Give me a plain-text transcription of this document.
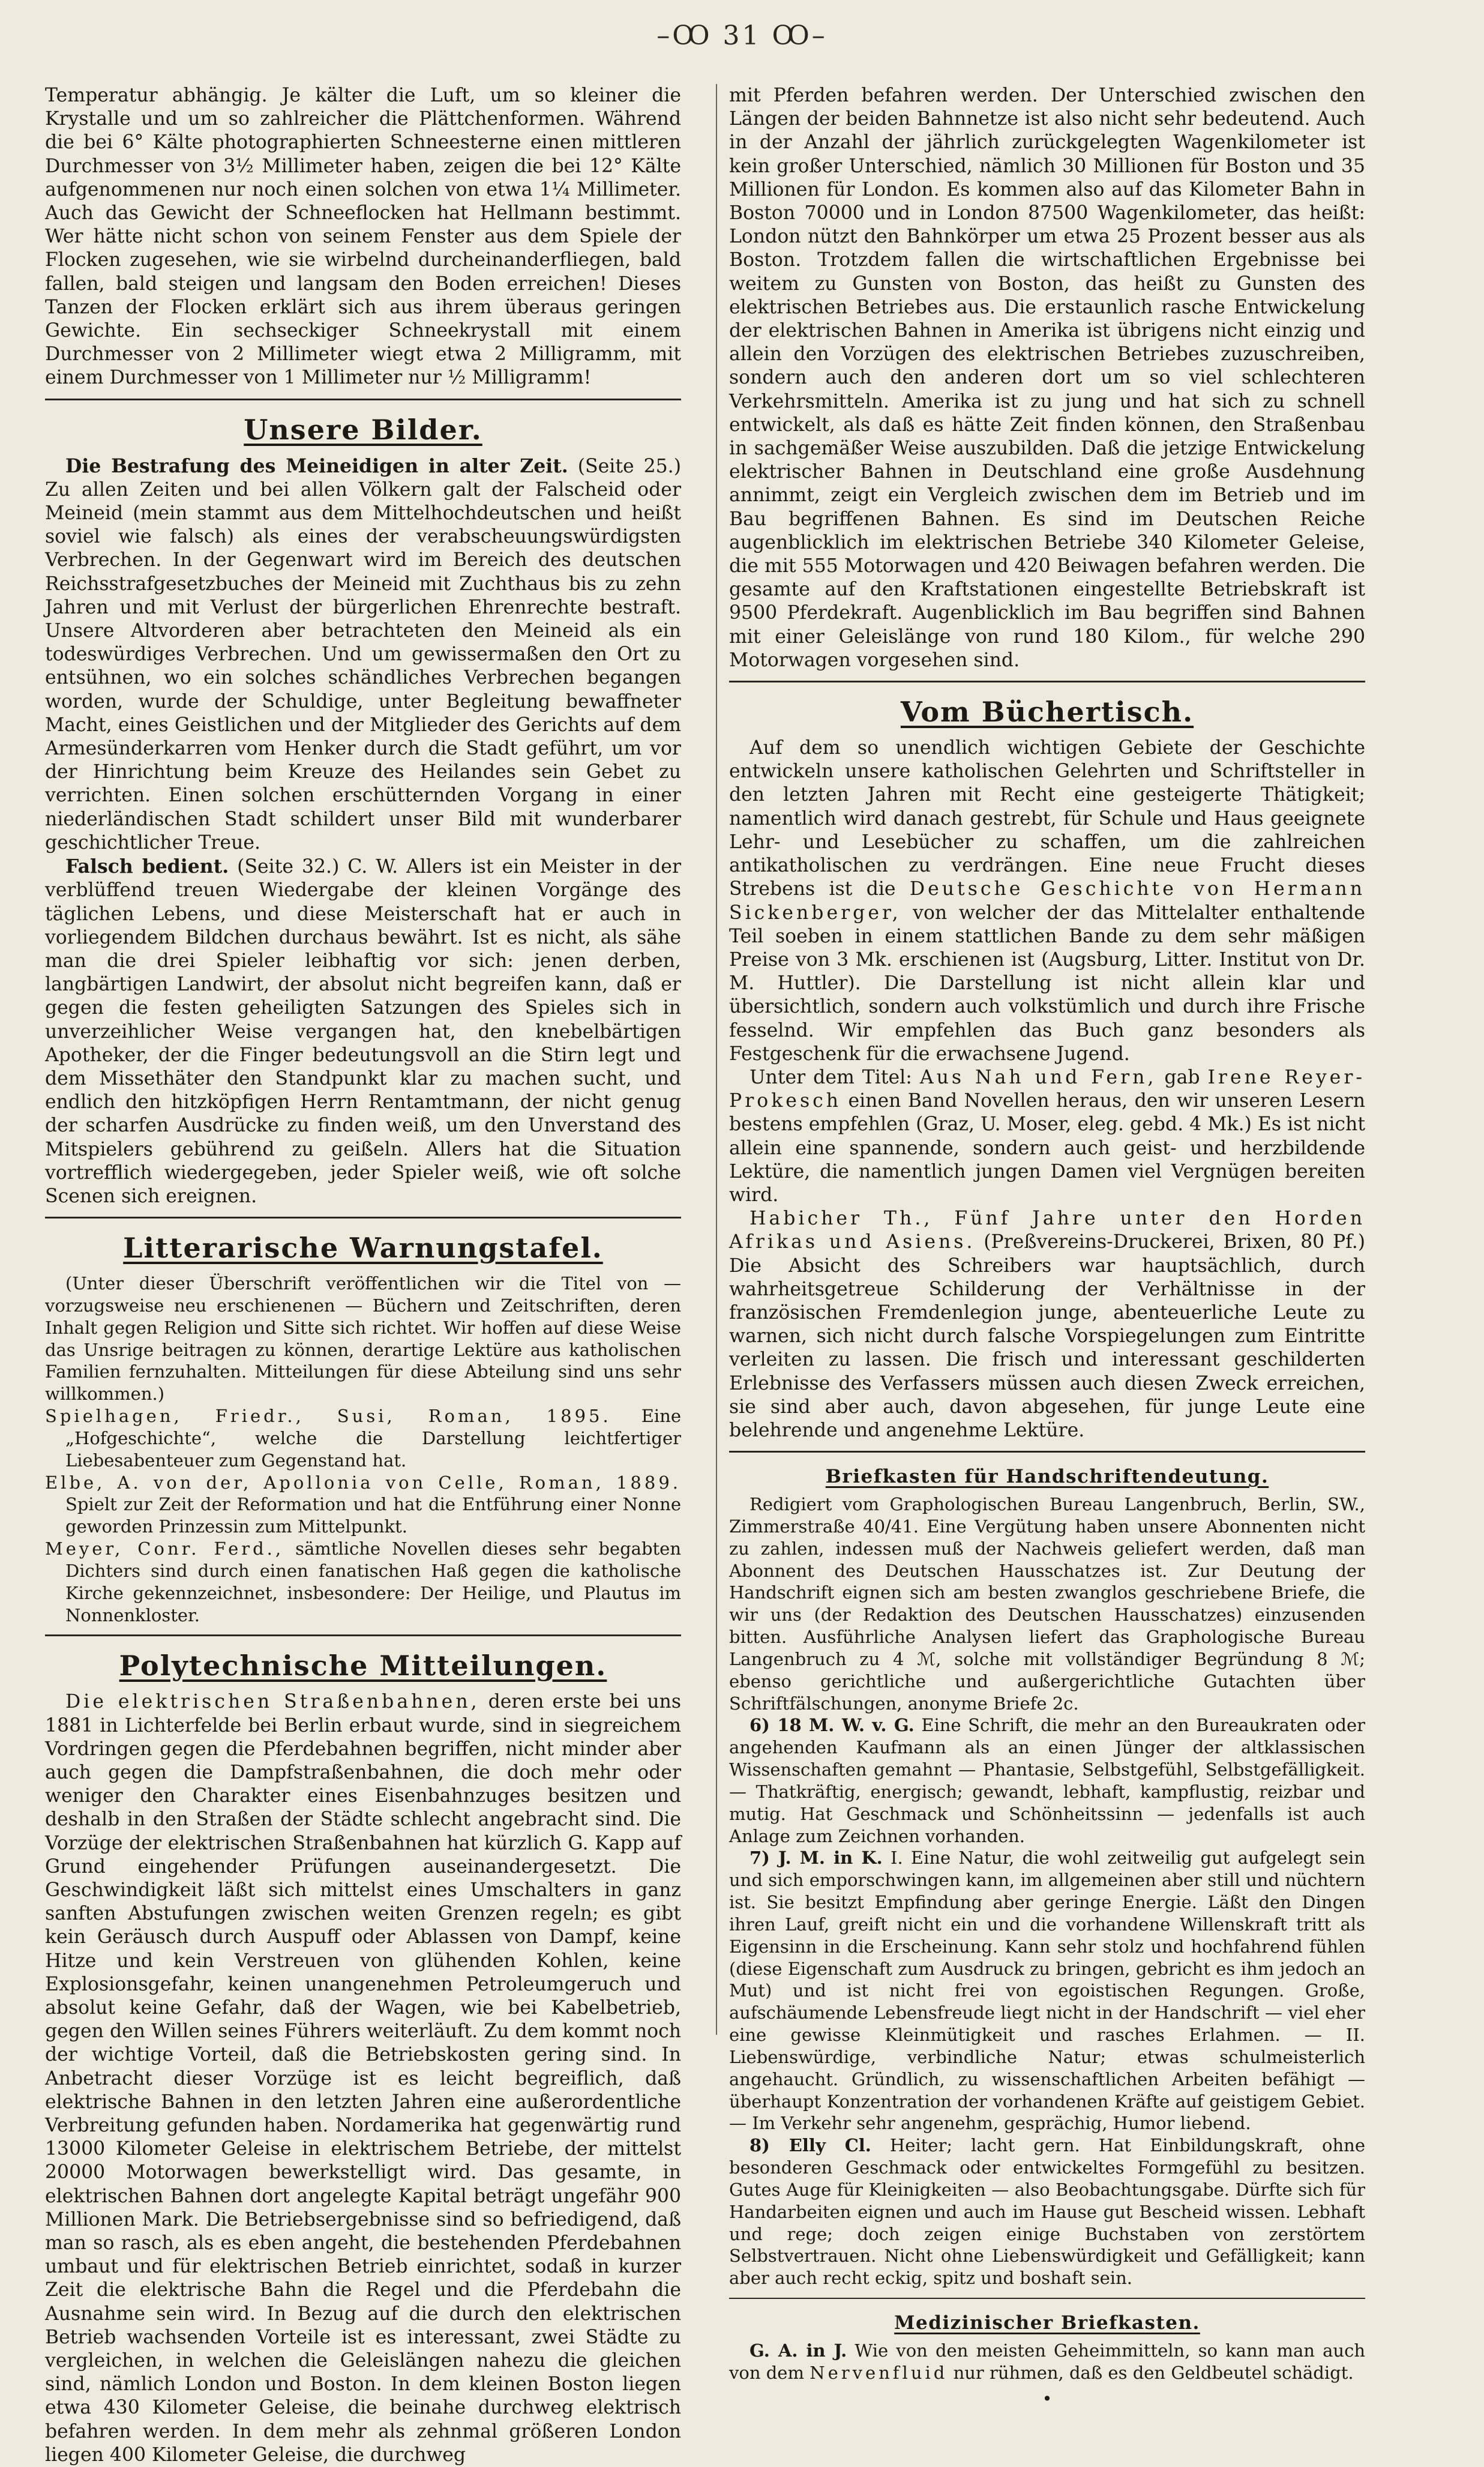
–Ꝏ 31 Ꝏ–

Temperatur abhängig. Je kälter die Luft, um so kleiner die Krystalle und um so zahlreicher die Plättchenformen. Während die bei 6° Kälte photographierten Schneesterne einen mittleren Durchmesser von 3½ Millimeter haben, zeigen die bei 12° Kälte aufgenommenen nur noch einen solchen von etwa 1¼ Millimeter. Auch das Gewicht der Schneeflocken hat Hellmann bestimmt. Wer hätte nicht schon von seinem Fenster aus dem Spiele der Flocken zugesehen, wie sie wirbelnd durcheinanderfliegen, bald fallen, bald steigen und langsam den Boden erreichen! Dieses Tanzen der Flocken erklärt sich aus ihrem überaus geringen Gewichte. Ein sechseckiger Schneekrystall mit einem Durchmesser von 2 Millimeter wiegt etwa 2 Milligramm, mit einem Durchmesser von 1 Millimeter nur ½ Milligramm!

Unsere Bilder.

Die Bestrafung des Meineidigen in alter Zeit. (Seite 25.) Zu allen Zeiten und bei allen Völkern galt der Falscheid oder Meineid (mein stammt aus dem Mittelhochdeutschen und heißt soviel wie falsch) als eines der verabscheuungswürdigsten Verbrechen. In der Gegenwart wird im Bereich des deutschen Reichsstrafgesetzbuches der Meineid mit Zuchthaus bis zu zehn Jahren und mit Verlust der bürgerlichen Ehrenrechte bestraft. Unsere Altvorderen aber betrachteten den Meineid als ein todeswürdiges Verbrechen. Und um gewissermaßen den Ort zu entsühnen, wo ein solches schändliches Verbrechen begangen worden, wurde der Schuldige, unter Begleitung bewaffneter Macht, eines Geistlichen und der Mitglieder des Gerichts auf dem Armesünderkarren vom Henker durch die Stadt geführt, um vor der Hinrichtung beim Kreuze des Heilandes sein Gebet zu verrichten. Einen solchen erschütternden Vorgang in einer niederländischen Stadt schildert unser Bild mit wunderbarer geschichtlicher Treue.

Falsch bedient. (Seite 32.) C. W. Allers ist ein Meister in der verblüffend treuen Wiedergabe der kleinen Vorgänge des täglichen Lebens, und diese Meisterschaft hat er auch in vorliegendem Bildchen durchaus bewährt. Ist es nicht, als sähe man die drei Spieler leibhaftig vor sich: jenen derben, langbärtigen Landwirt, der absolut nicht begreifen kann, daß er gegen die festen geheiligten Satzungen des Spieles sich in unverzeihlicher Weise vergangen hat, den knebelbärtigen Apotheker, der die Finger bedeutungsvoll an die Stirn legt und dem Missethäter den Standpunkt klar zu machen sucht, und endlich den hitzköpfigen Herrn Rentamtmann, der nicht genug der scharfen Ausdrücke zu finden weiß, um den Unverstand des Mitspielers gebührend zu geißeln. Allers hat die Situation vortrefflich wiedergegeben, jeder Spieler weiß, wie oft solche Scenen sich ereignen.

Litterarische Warnungstafel.

(Unter dieser Überschrift veröffentlichen wir die Titel von — vorzugsweise neu erschienenen — Büchern und Zeitschriften, deren Inhalt gegen Religion und Sitte sich richtet. Wir hoffen auf diese Weise das Unsrige beitragen zu können, derartige Lektüre aus katholischen Familien fernzuhalten. Mitteilungen für diese Abteilung sind uns sehr willkommen.)

Spielhagen, Friedr., Susi, Roman, 1895. Eine „Hofgeschichte“, welche die Darstellung leichtfertiger Liebesabenteuer zum Gegenstand hat.

Elbe, A. von der, Apollonia von Celle, Roman, 1889. Spielt zur Zeit der Reformation und hat die Entführung einer Nonne geworden Prinzessin zum Mittelpunkt.

Meyer, Conr. Ferd., sämtliche Novellen dieses sehr begabten Dichters sind durch einen fanatischen Haß gegen die katholische Kirche gekennzeichnet, insbesondere: Der Heilige, und Plautus im Nonnenkloster.

Polytechnische Mitteilungen.

Die elektrischen Straßenbahnen, deren erste bei uns 1881 in Lichterfelde bei Berlin erbaut wurde, sind in siegreichem Vordringen gegen die Pferdebahnen begriffen, nicht minder aber auch gegen die Dampfstraßenbahnen, die doch mehr oder weniger den Charakter eines Eisenbahnzuges besitzen und deshalb in den Straßen der Städte schlecht angebracht sind. Die Vorzüge der elektrischen Straßenbahnen hat kürzlich G. Kapp auf Grund eingehender Prüfungen auseinandergesetzt. Die Geschwindigkeit läßt sich mittelst eines Umschalters in ganz sanften Abstufungen zwischen weiten Grenzen regeln; es gibt kein Geräusch durch Auspuff oder Ablassen von Dampf, keine Hitze und kein Verstreuen von glühenden Kohlen, keine Explosionsgefahr, keinen unangenehmen Petroleumgeruch und absolut keine Gefahr, daß der Wagen, wie bei Kabelbetrieb, gegen den Willen seines Führers weiterläuft. Zu dem kommt noch der wichtige Vorteil, daß die Betriebskosten gering sind. In Anbetracht dieser Vorzüge ist es leicht begreiflich, daß elektrische Bahnen in den letzten Jahren eine außerordentliche Verbreitung gefunden haben. Nordamerika hat gegenwärtig rund 13000 Kilometer Geleise in elektrischem Betriebe, der mittelst 20000 Motorwagen bewerkstelligt wird. Das gesamte, in elektrischen Bahnen dort angelegte Kapital beträgt ungefähr 900 Millionen Mark. Die Betriebsergebnisse sind so befriedigend, daß man so rasch, als es eben angeht, die bestehenden Pferdebahnen umbaut und für elektrischen Betrieb einrichtet, sodaß in kurzer Zeit die elektrische Bahn die Regel und die Pferdebahn die Ausnahme sein wird. In Bezug auf die durch den elektrischen Betrieb wachsenden Vorteile ist es interessant, zwei Städte zu vergleichen, in welchen die Geleislängen nahezu die gleichen sind, nämlich London und Boston. In dem kleinen Boston liegen etwa 430 Kilometer Geleise, die beinahe durchweg elektrisch befahren werden. In dem mehr als zehnmal größeren London liegen 400 Kilometer Geleise, die durchweg

mit Pferden befahren werden. Der Unterschied zwischen den Längen der beiden Bahnnetze ist also nicht sehr bedeutend. Auch in der Anzahl der jährlich zurückgelegten Wagenkilometer ist kein großer Unterschied, nämlich 30 Millionen für Boston und 35 Millionen für London. Es kommen also auf das Kilometer Bahn in Boston 70000 und in London 87500 Wagenkilometer, das heißt: London nützt den Bahnkörper um etwa 25 Prozent besser aus als Boston. Trotzdem fallen die wirtschaftlichen Ergebnisse bei weitem zu Gunsten von Boston, das heißt zu Gunsten des elektrischen Betriebes aus. Die erstaunlich rasche Entwickelung der elektrischen Bahnen in Amerika ist übrigens nicht einzig und allein den Vorzügen des elektrischen Betriebes zuzuschreiben, sondern auch den anderen dort um so viel schlechteren Verkehrsmitteln. Amerika ist zu jung und hat sich zu schnell entwickelt, als daß es hätte Zeit finden können, den Straßenbau in sachgemäßer Weise auszubilden. Daß die jetzige Entwickelung elektrischer Bahnen in Deutschland eine große Ausdehnung annimmt, zeigt ein Vergleich zwischen dem im Betrieb und im Bau begriffenen Bahnen. Es sind im Deutschen Reiche augenblicklich im elektrischen Betriebe 340 Kilometer Geleise, die mit 555 Motorwagen und 420 Beiwagen befahren werden. Die gesamte auf den Kraftstationen eingestellte Betriebskraft ist 9500 Pferdekraft. Augenblicklich im Bau begriffen sind Bahnen mit einer Geleislänge von rund 180 Kilom., für welche 290 Motorwagen vorgesehen sind.

Vom Büchertisch.

Auf dem so unendlich wichtigen Gebiete der Geschichte entwickeln unsere katholischen Gelehrten und Schriftsteller in den letzten Jahren mit Recht eine gesteigerte Thätigkeit; namentlich wird danach gestrebt, für Schule und Haus geeignete Lehr- und Lesebücher zu schaffen, um die zahlreichen antikatholischen zu verdrängen. Eine neue Frucht dieses Strebens ist die Deutsche Geschichte von Hermann Sickenberger, von welcher der das Mittelalter enthaltende Teil soeben in einem stattlichen Bande zu dem sehr mäßigen Preise von 3 Mk. erschienen ist (Augsburg, Litter. Institut von Dr. M. Huttler). Die Darstellung ist nicht allein klar und übersichtlich, sondern auch volkstümlich und durch ihre Frische fesselnd. Wir empfehlen das Buch ganz besonders als Festgeschenk für die erwachsene Jugend.

Unter dem Titel: Aus Nah und Fern, gab Irene Reyer-Prokesch einen Band Novellen heraus, den wir unseren Lesern bestens empfehlen (Graz, U. Moser, eleg. gebd. 4 Mk.) Es ist nicht allein eine spannende, sondern auch geist- und herzbildende Lektüre, die namentlich jungen Damen viel Vergnügen bereiten wird.

Habicher Th., Fünf Jahre unter den Horden Afrikas und Asiens. (Preßvereins-Druckerei, Brixen, 80 Pf.) Die Absicht des Schreibers war hauptsächlich, durch wahrheitsgetreue Schilderung der Verhältnisse in der französischen Fremdenlegion junge, abenteuerliche Leute zu warnen, sich nicht durch falsche Vorspiegelungen zum Eintritte verleiten zu lassen. Die frisch und interessant geschilderten Erlebnisse des Verfassers müssen auch diesen Zweck erreichen, sie sind aber auch, davon abgesehen, für junge Leute eine belehrende und angenehme Lektüre.

Briefkasten für Handschriftendeutung.

Redigiert vom Graphologischen Bureau Langenbruch, Berlin, SW., Zimmerstraße 40/41. Eine Vergütung haben unsere Abonnenten nicht zu zahlen, indessen muß der Nachweis geliefert werden, daß man Abonnent des Deutschen Hausschatzes ist. Zur Deutung der Handschrift eignen sich am besten zwanglos geschriebene Briefe, die wir uns (der Redaktion des Deutschen Hausschatzes) einzusenden bitten. Ausführliche Analysen liefert das Graphologische Bureau Langenbruch zu 4 ℳ, solche mit vollständiger Begründung 8 ℳ; ebenso gerichtliche und außergerichtliche Gutachten über Schriftfälschungen, anonyme Briefe 2c.

6) 18 M. W. v. G. Eine Schrift, die mehr an den Bureaukraten oder angehenden Kaufmann als an einen Jünger der altklassischen Wissenschaften gemahnt — Phantasie, Selbstgefühl, Selbstgefälligkeit. — Thatkräftig, energisch; gewandt, lebhaft, kampflustig, reizbar und mutig. Hat Geschmack und Schönheitssinn — jedenfalls ist auch Anlage zum Zeichnen vorhanden.

7) J. M. in K. I. Eine Natur, die wohl zeitweilig gut aufgelegt sein und sich emporschwingen kann, im allgemeinen aber still und nüchtern ist. Sie besitzt Empfindung aber geringe Energie. Läßt den Dingen ihren Lauf, greift nicht ein und die vorhandene Willenskraft tritt als Eigensinn in die Erscheinung. Kann sehr stolz und hochfahrend fühlen (diese Eigenschaft zum Ausdruck zu bringen, gebricht es ihm jedoch an Mut) und ist nicht frei von egoistischen Regungen. Große, aufschäumende Lebensfreude liegt nicht in der Handschrift — viel eher eine gewisse Kleinmütigkeit und rasches Erlahmen. — II. Liebenswürdige, verbindliche Natur; etwas schulmeisterlich angehaucht. Gründlich, zu wissenschaftlichen Arbeiten befähigt — überhaupt Konzentration der vorhandenen Kräfte auf geistigem Gebiet. — Im Verkehr sehr angenehm, gesprächig, Humor liebend.

8) Elly Cl. Heiter; lacht gern. Hat Einbildungskraft, ohne besonderen Geschmack oder entwickeltes Formgefühl zu besitzen. Gutes Auge für Kleinigkeiten — also Beobachtungsgabe. Dürfte sich für Handarbeiten eignen und auch im Hause gut Bescheid wissen. Lebhaft und rege; doch zeigen einige Buchstaben von zerstörtem Selbstvertrauen. Nicht ohne Liebenswürdigkeit und Gefälligkeit; kann aber auch recht eckig, spitz und boshaft sein.

Medizinischer Briefkasten.

G. A. in J. Wie von den meisten Geheimmitteln, so kann man auch von dem Nervenfluid nur rühmen, daß es den Geldbeutel schädigt.

•
